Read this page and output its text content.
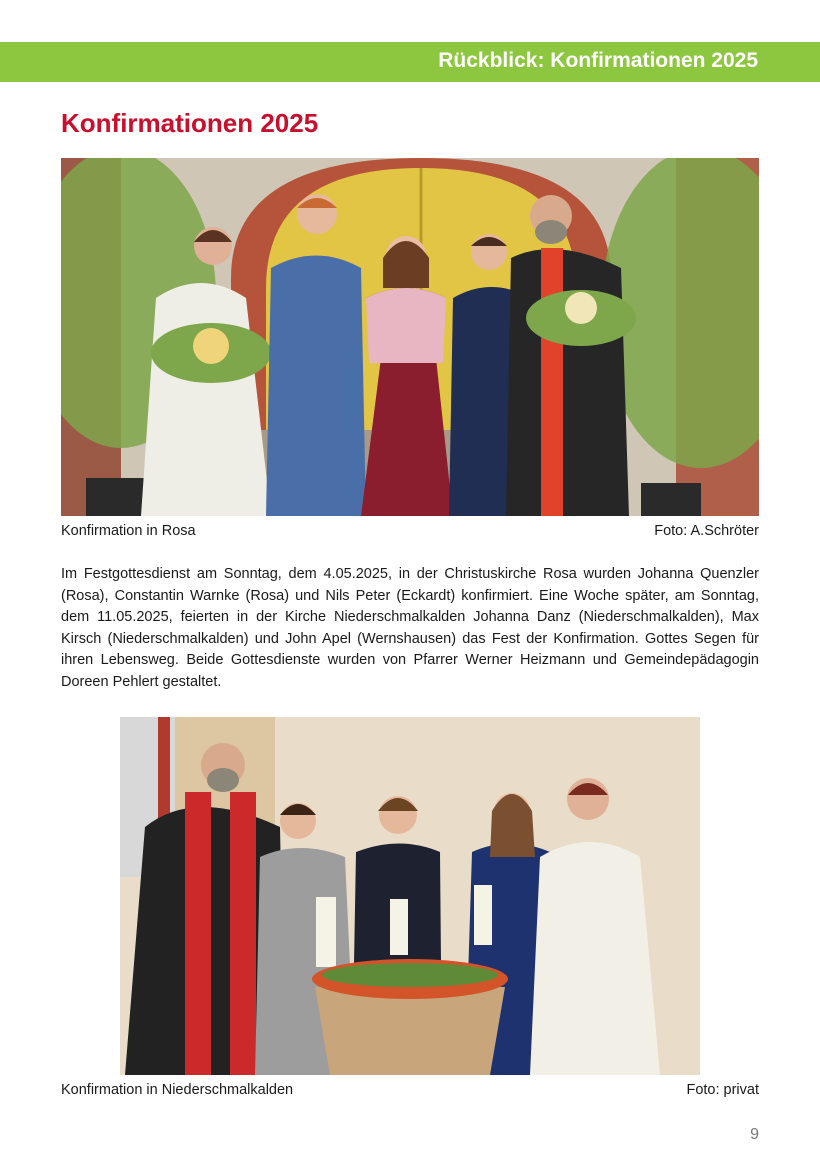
Rückblick: Konfirmationen 2025
Konfirmationen 2025
Konfirmation in Rosa	Foto: A.Schröter

Im Festgottesdienst am Sonntag, dem 4.05.2025, in der Christuskirche Rosa wurden Johanna Quenzler (Rosa), Constantin Warnke (Rosa) und Nils Peter (Eckardt) konfirmiert. Eine Woche später, am Sonntag, dem 11.05.2025, feierten in der Kirche Niederschmalkalden Johanna Danz (Niederschmalkalden), Max Kirsch (Niederschmalkalden) und John Apel (Wernshausen) das Fest der Konfirmation. Gottes Segen für ihren Lebensweg. Beide Gottesdienste wurden von Pfarrer Werner Heizmann und Gemeindepädagogin Doreen Pehlert gestaltet.

Konfirmation in Niederschmalkalden	Foto: privat
9
